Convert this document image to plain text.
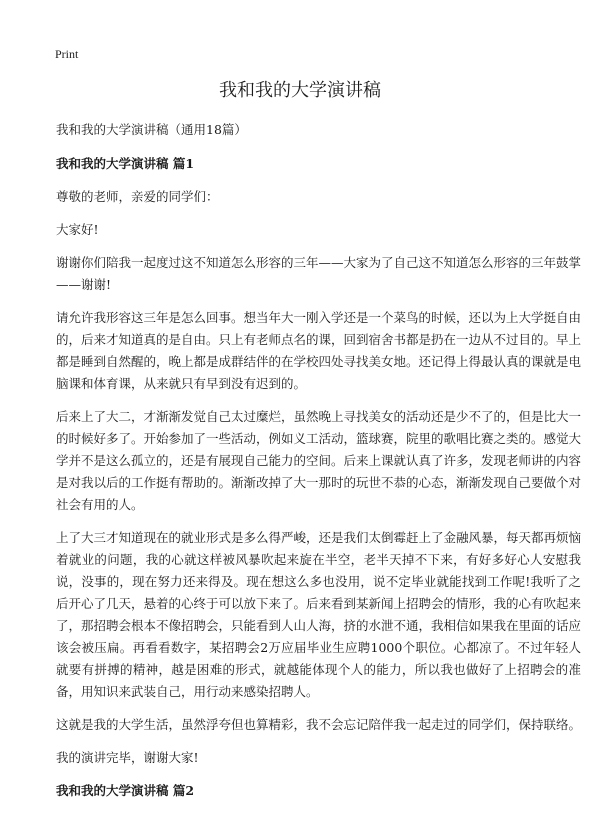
Print
我和我的大学演讲稿

我和我的大学演讲稿（通用18篇）

我和我的大学演讲稿 篇1

尊敬的老师，亲爱的同学们：

大家好!

谢谢你们陪我一起度过这不知道怎么形容的三年——大家为了自己这不知道怎么形容的三年鼓掌——谢谢!

请允许我形容这三年是怎么回事。想当年大一刚入学还是一个菜鸟的时候，还以为上大学挺自由的，后来才知道真的是自由。只上有老师点名的课，回到宿舍书都是扔在一边从不过目的。早上都是睡到自然醒的，晚上都是成群结伴的在学校四处寻找美女地。还记得上得最认真的课就是电脑课和体育课，从来就只有早到没有迟到的。

后来上了大二，才渐渐发觉自己太过糜烂，虽然晚上寻找美女的活动还是少不了的，但是比大一的时候好多了。开始参加了一些活动，例如义工活动，篮球赛，院里的歌唱比赛之类的。感觉大学并不是这么孤立的，还是有展现自己能力的空间。后来上课就认真了许多，发现老师讲的内容是对我以后的工作挺有帮助的。渐渐改掉了大一那时的玩世不恭的心态，渐渐发现自己要做个对社会有用的人。

上了大三才知道现在的就业形式是多么得严峻，还是我们太倒霉赶上了金融风暴，每天都再烦恼着就业的问题，我的心就这样被风暴吹起来旋在半空，老半天掉不下来，有好多好心人安慰我说，没事的，现在努力还来得及。现在想这么多也没用，说不定毕业就能找到工作呢!我听了之后开心了几天，悬着的心终于可以放下来了。后来看到某新闻上招聘会的情形，我的心有吹起来了，那招聘会根本不像招聘会，只能看到人山人海，挤的水泄不通，我相信如果我在里面的话应该会被压扁。再看看数字，某招聘会2万应届毕业生应聘1000个职位。心都凉了。不过年轻人就要有拼搏的精神，越是困难的形式，就越能体现个人的能力，所以我也做好了上招聘会的准备，用知识来武装自己，用行动来感染招聘人。

这就是我的大学生活，虽然浮夸但也算精彩，我不会忘记陪伴我一起走过的同学们，保持联络。

我的演讲完毕，谢谢大家!

我和我的大学演讲稿 篇2
